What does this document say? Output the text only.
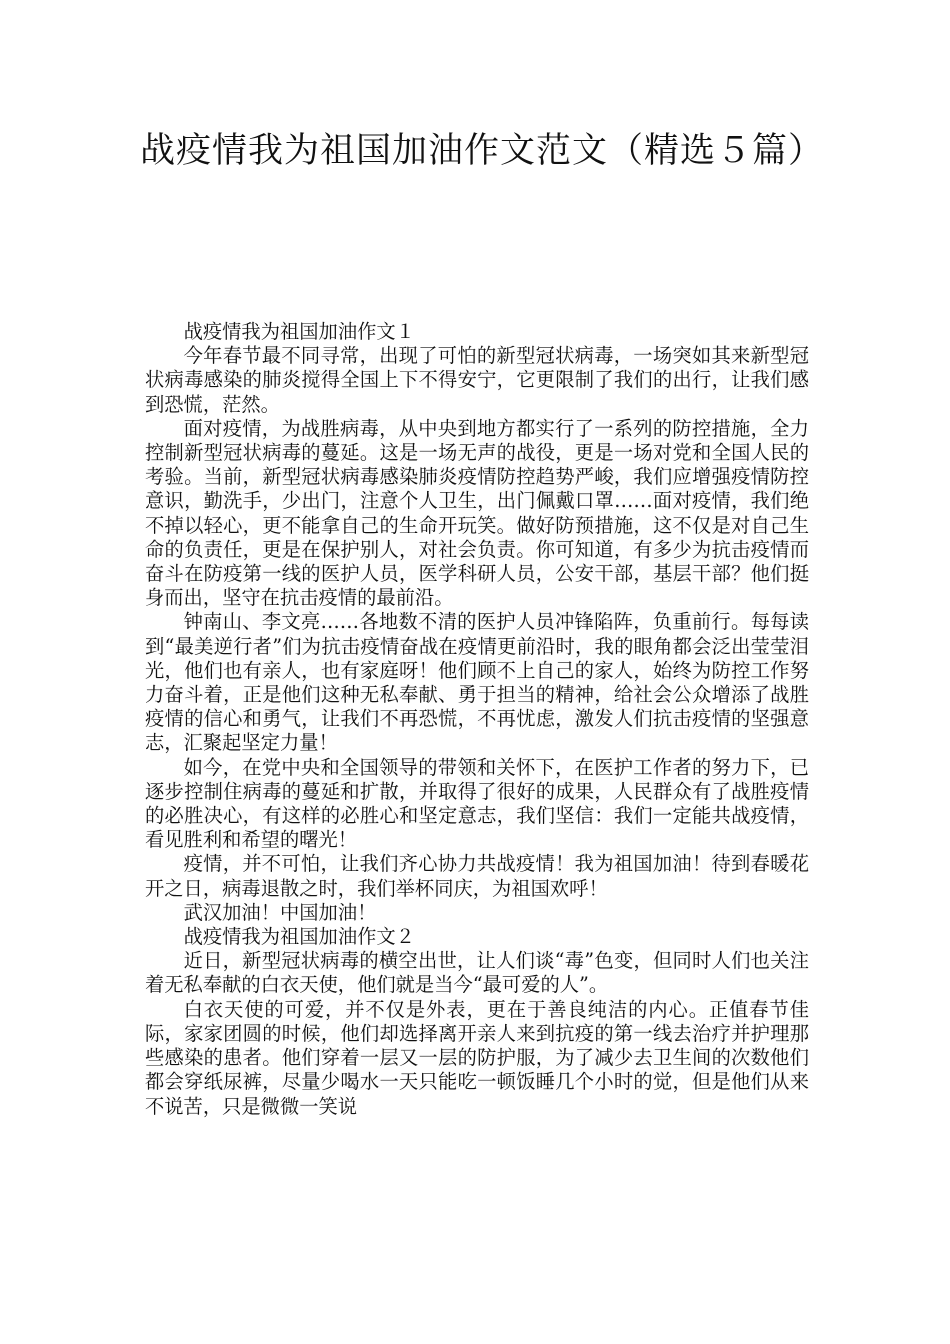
战疫情我为祖国加油作文范文（精选５篇）

战疫情我为祖国加油作文１

今年春节最不同寻常，出现了可怕的新型冠状病毒，一场突如其来新型冠状病毒感染的肺炎搅得全国上下不得安宁，它更限制了我们的出行，让我们感到恐慌，茫然。

面对疫情，为战胜病毒，从中央到地方都实行了一系列的防控措施，全力控制新型冠状病毒的蔓延。这是一场无声的战役，更是一场对党和全国人民的考验。当前，新型冠状病毒感染肺炎疫情防控趋势严峻，我们应增强疫情防控意识，勤洗手，少出门，注意个人卫生，出门佩戴口罩……面对疫情，我们绝不掉以轻心，更不能拿自己的生命开玩笑。做好防预措施，这不仅是对自己生命的负责任，更是在保护别人，对社会负责。你可知道，有多少为抗击疫情而奋斗在防疫第一线的医护人员，医学科研人员，公安干部，基层干部？他们挺身而出，坚守在抗击疫情的最前沿。

钟南山、李文亮……各地数不清的医护人员冲锋陷阵，负重前行。每每读到“最美逆行者”们为抗击疫情奋战在疫情更前沿时，我的眼角都会泛出莹莹泪光，他们也有亲人，也有家庭呀！他们顾不上自己的家人，始终为防控工作努力奋斗着，正是他们这种无私奉献、勇于担当的精神，给社会公众增添了战胜疫情的信心和勇气，让我们不再恐慌，不再忧虑，激发人们抗击疫情的坚强意志，汇聚起坚定力量！

如今，在党中央和全国领导的带领和关怀下，在医护工作者的努力下，已逐步控制住病毒的蔓延和扩散，并取得了很好的成果，人民群众有了战胜疫情的必胜决心，有这样的必胜心和坚定意志，我们坚信：我们一定能共战疫情，看见胜利和希望的曙光！

疫情，并不可怕，让我们齐心协力共战疫情！我为祖国加油！待到春暖花开之日，病毒退散之时，我们举杯同庆，为祖国欢呼！

武汉加油！中国加油！

战疫情我为祖国加油作文２

近日，新型冠状病毒的横空出世，让人们谈“毒”色变，但同时人们也关注着无私奉献的白衣天使，他们就是当今“最可爱的人”。

白衣天使的可爱，并不仅是外表，更在于善良纯洁的内心。正值春节佳际，家家团圆的时候，他们却选择离开亲人来到抗疫的第一线去治疗并护理那些感染的患者。他们穿着一层又一层的防护服，为了减少去卫生间的次数他们都会穿纸尿裤，尽量少喝水一天只能吃一顿饭睡几个小时的觉，但是他们从来不说苦，只是微微一笑说
